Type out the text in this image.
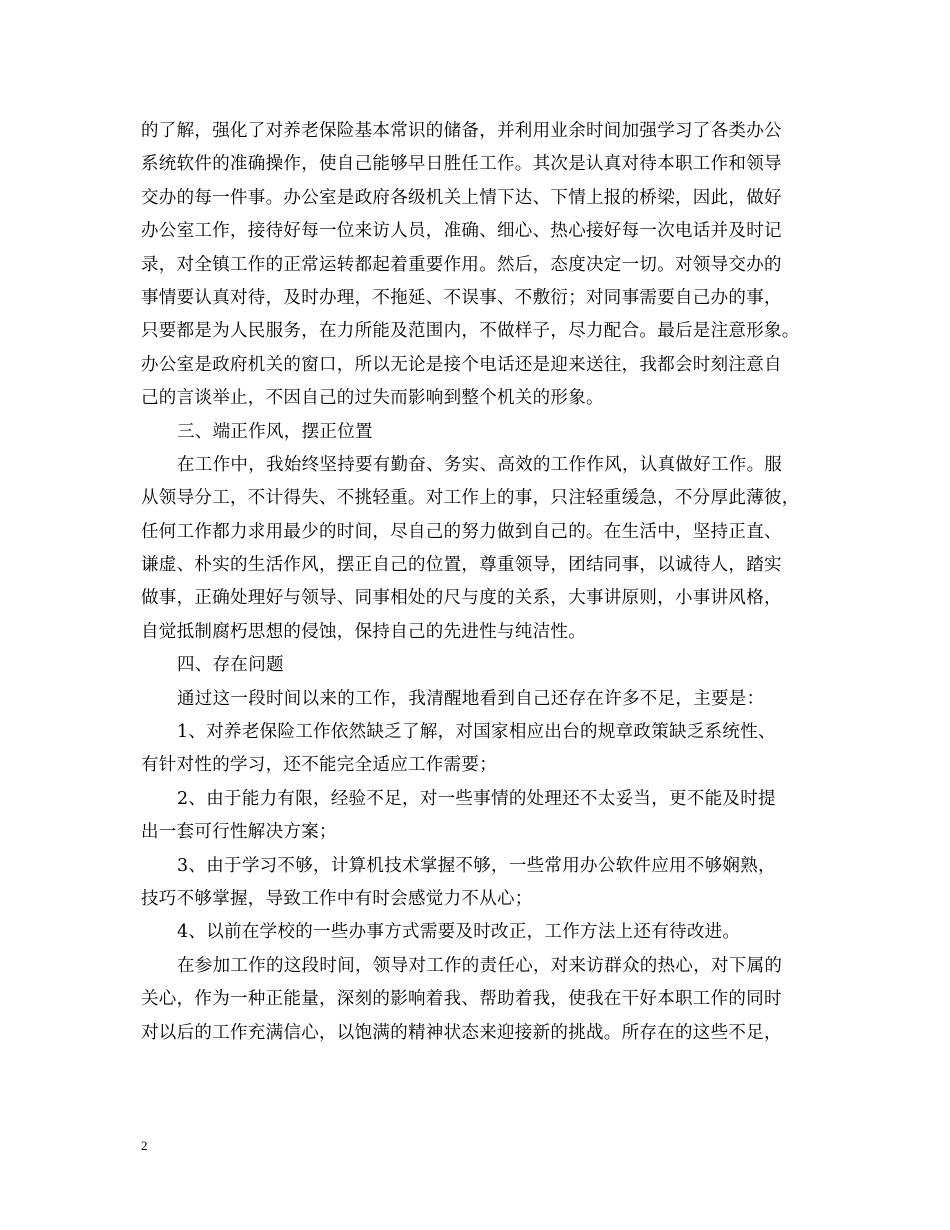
的了解，强化了对养老保险基本常识的储备，并利用业余时间加强学习了各类办公
系统软件的准确操作，使自己能够早日胜任工作。其次是认真对待本职工作和领导
交办的每一件事。办公室是政府各级机关上情下达、下情上报的桥梁，因此，做好
办公室工作，接待好每一位来访人员，准确、细心、热心接好每一次电话并及时记
录，对全镇工作的正常运转都起着重要作用。然后，态度决定一切。对领导交办的
事情要认真对待，及时办理，不拖延、不误事、不敷衍；对同事需要自己办的事，
只要都是为人民服务，在力所能及范围内，不做样子，尽力配合。最后是注意形象。
办公室是政府机关的窗口，所以无论是接个电话还是迎来送往，我都会时刻注意自
己的言谈举止，不因自己的过失而影响到整个机关的形象。
三、端正作风，摆正位置
在工作中，我始终坚持要有勤奋、务实、高效的工作作风，认真做好工作。服
从领导分工，不计得失、不挑轻重。对工作上的事，只注轻重缓急，不分厚此薄彼，
任何工作都力求用最少的时间，尽自己的努力做到自己的。在生活中，坚持正直、
谦虚、朴实的生活作风，摆正自己的位置，尊重领导，团结同事，以诚待人，踏实
做事，正确处理好与领导、同事相处的尺与度的关系，大事讲原则，小事讲风格，
自觉抵制腐朽思想的侵蚀，保持自己的先进性与纯洁性。
四、存在问题
通过这一段时间以来的工作，我清醒地看到自己还存在许多不足，主要是：
1、对养老保险工作依然缺乏了解，对国家相应出台的规章政策缺乏系统性、
有针对性的学习，还不能完全适应工作需要；
2、由于能力有限，经验不足，对一些事情的处理还不太妥当，更不能及时提
出一套可行性解决方案；
3、由于学习不够，计算机技术掌握不够，一些常用办公软件应用不够娴熟，
技巧不够掌握，导致工作中有时会感觉力不从心；
4、以前在学校的一些办事方式需要及时改正，工作方法上还有待改进。
在参加工作的这段时间，领导对工作的责任心，对来访群众的热心，对下属的
关心，作为一种正能量，深刻的影响着我、帮助着我，使我在干好本职工作的同时
对以后的工作充满信心，以饱满的精神状态来迎接新的挑战。所存在的这些不足，
2
